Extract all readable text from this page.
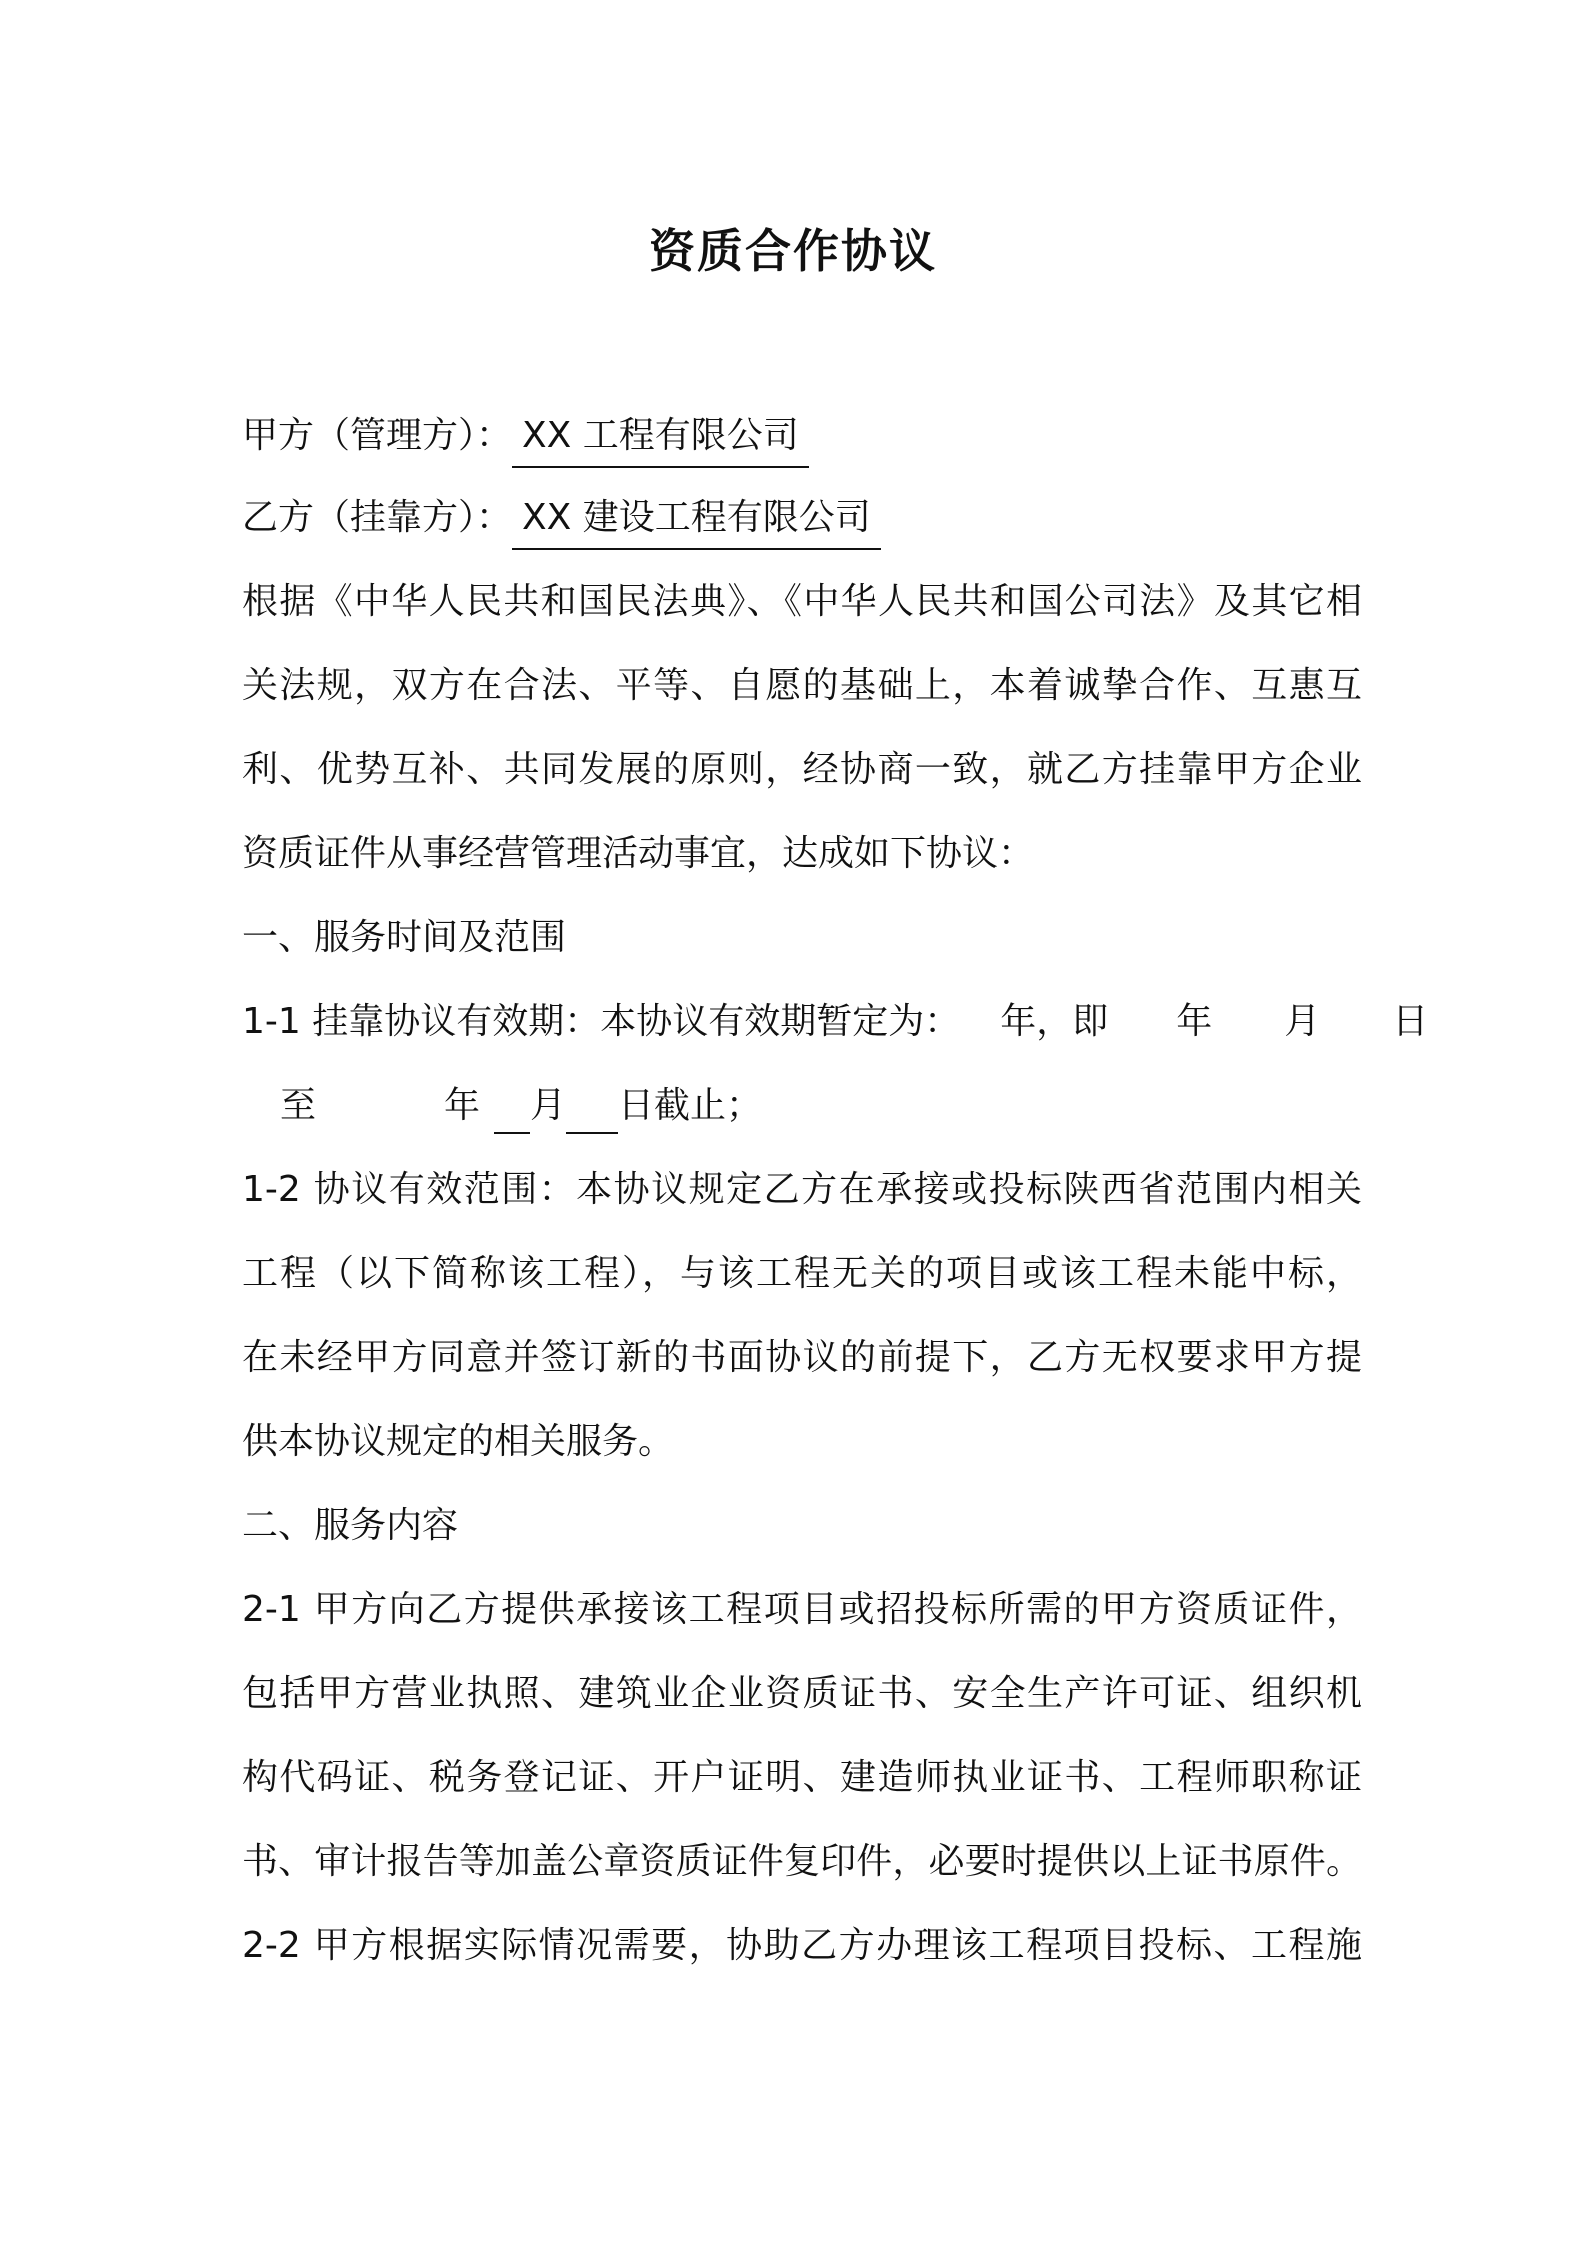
资质合作协议
甲方（管理方）： XX 工程有限公司
乙方（挂靠方）： XX 建设工程有限公司
根据《中华人民共和国民法典》、《中华人民共和国公司法》及其它相
关法规，双方在合法、平等、自愿的基础上，本着诚挚合作、互惠互
利、优势互补、共同发展的原则，经协商一致，就乙方挂靠甲方企业
资质证件从事经营管理活动事宜，达成如下协议：
一、服务时间及范围
1-1 挂靠协议有效期：本协议有效期暂定为： 年，即 年 月 日
至	年 月 日截止；
1-2 协议有效范围：本协议规定乙方在承接或投标陕西省范围内相关
工程（以下简称该工程），与该工程无关的项目或该工程未能中标，
在未经甲方同意并签订新的书面协议的前提下，乙方无权要求甲方提
供本协议规定的相关服务。
二、服务内容
2-1 甲方向乙方提供承接该工程项目或招投标所需的甲方资质证件，
包括甲方营业执照、建筑业企业资质证书、安全生产许可证、组织机
构代码证、税务登记证、开户证明、建造师执业证书、工程师职称证
书、审计报告等加盖公章资质证件复印件，必要时提供以上证书原件。
2-2 甲方根据实际情况需要，协助乙方办理该工程项目投标、工程施
